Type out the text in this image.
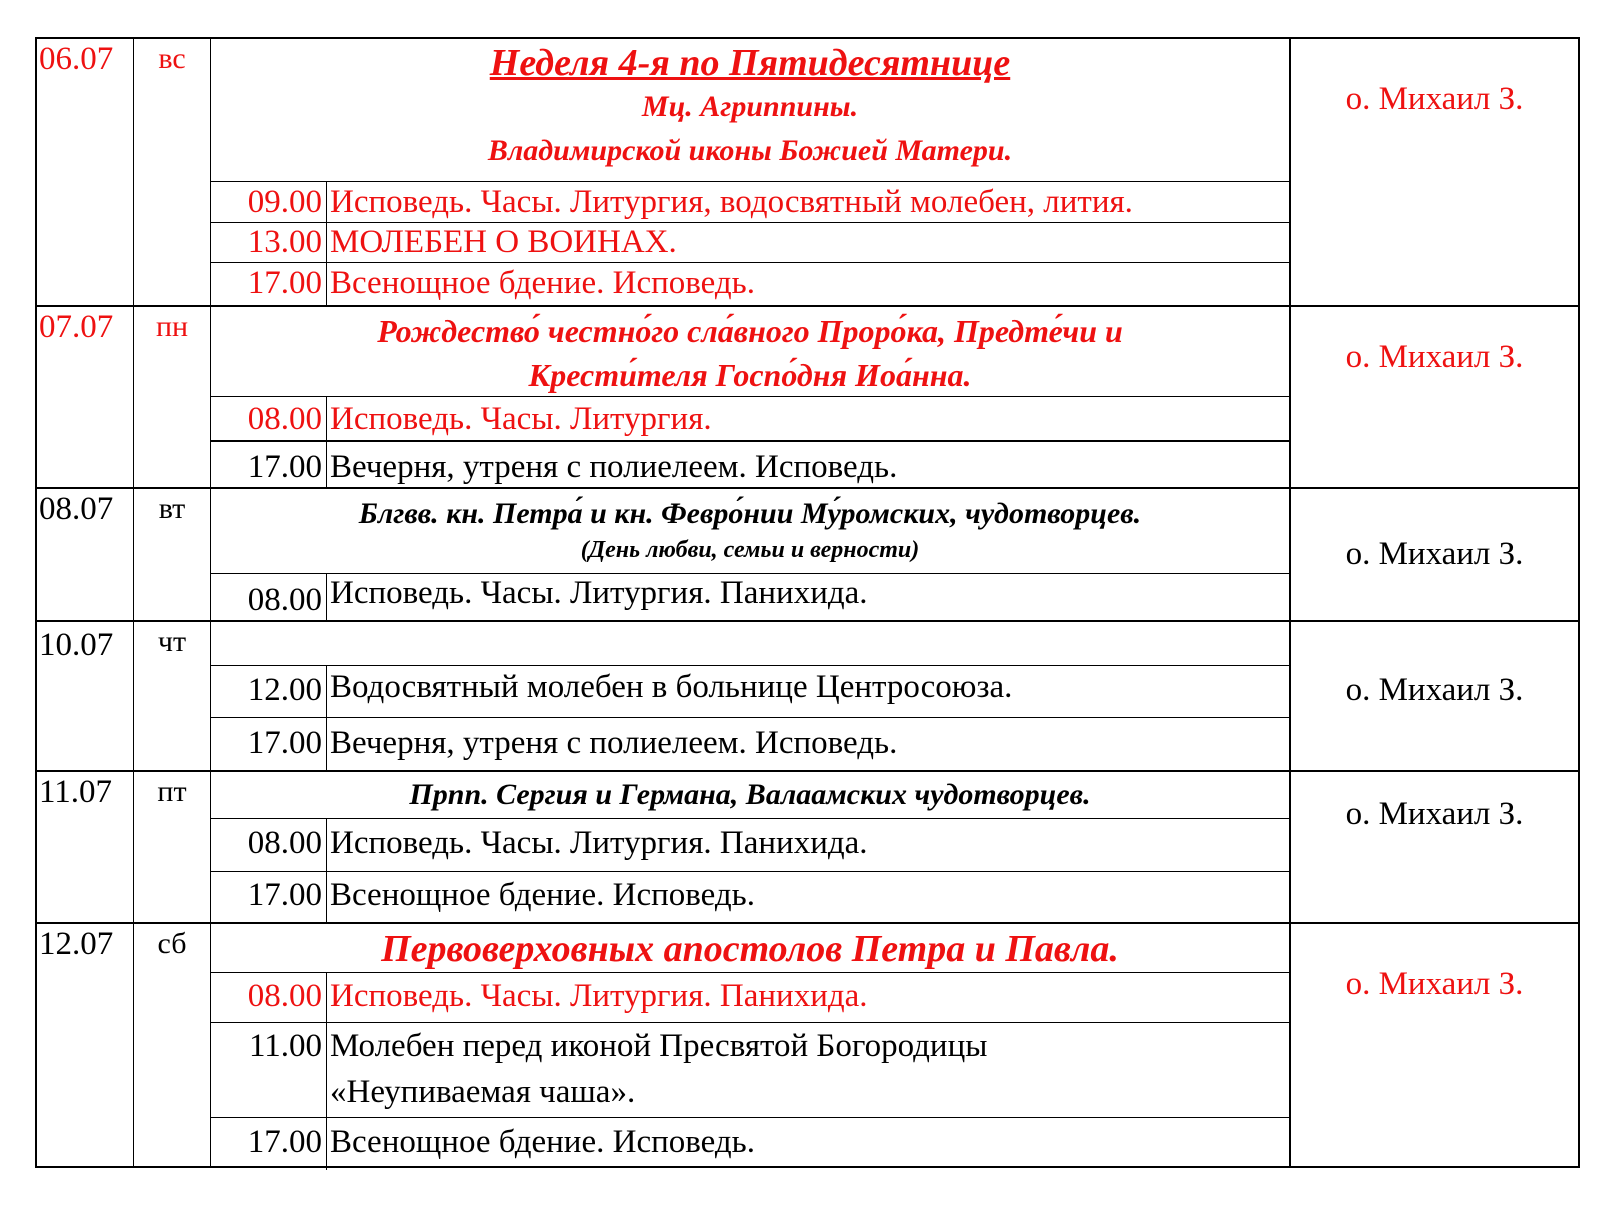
06.07	вс	Неделя 4-я по Пятидесятнице
Мц. Агриппины.
Владимирской иконы Божией Матери.
09.00 Исповедь. Часы. Литургия, водосвятный молебен, лития.
13.00 МОЛЕБЕН О ВОИНАХ.
17.00 Всенощное бдение. Исповедь.
о. Михаил З.
07.07	пн	Рождество́ честно́го сла́вного Проро́ка, Предте́чи и
Крести́теля Госпо́дня Иоа́нна.
08.00 Исповедь. Часы. Литургия.
17.00 Вечерня, утреня с полиелеем. Исповедь.
о. Михаил З.
08.07	вт	Блгвв. кн. Петра́ и кн. Февро́нии Му́ромских, чудотворцев.
(День любви, семьи и верности)
08.00 Исповедь. Часы. Литургия. Панихида.
о. Михаил З.
10.07	чт
12.00 Водосвятный молебен в больнице Центросоюза.
17.00 Вечерня, утреня с полиелеем. Исповедь.
о. Михаил З.
11.07	пт	Прпп. Сергия и Германа, Валаамских чудотворцев.
08.00 Исповедь. Часы. Литургия. Панихида.
17.00 Всенощное бдение. Исповедь.
о. Михаил З.
12.07	сб	Первоверховных апостолов Петра и Павла.
08.00 Исповедь. Часы. Литургия. Панихида.
11.00 Молебен перед иконой Пресвятой Богородицы «Неупиваемая чаша».
17.00 Всенощное бдение. Исповедь.
о. Михаил З.
